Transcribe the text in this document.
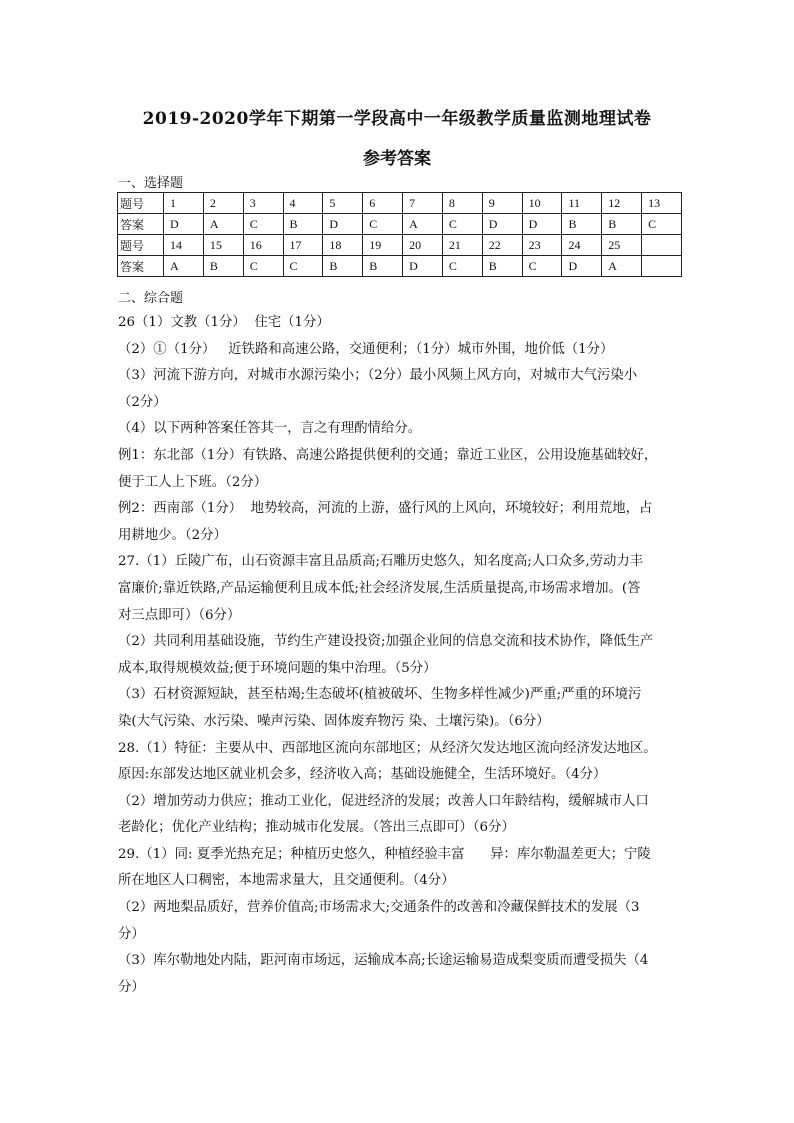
2019-2020学年下期第一学段高中一年级教学质量监测地理试卷
参考答案
一、选择题
题号	1	2	3	4	5	6	7	8	9	10	11	12	13
答案	D	A	C	B	D	C	A	C	D	D	B	B	C
题号	14	15	16	17	18	19	20	21	22	23	24	25	
答案	A	B	C	C	B	B	D	C	B	C	D	A	
二、综合题

26（1）文教（1分）  住宅（1分）

（2）①（1分）   近铁路和高速公路，交通便利；（1分）城市外围，地价低（1分）

（3）河流下游方向，对城市水源污染小；（2分）最小风频上风方向，对城市大气污染小

（2分）

（4）以下两种答案任答其一，言之有理酌情给分。

例1：东北部（1分）有铁路、高速公路提供便利的交通；靠近工业区，公用设施基础较好，

便于工人上下班。（2分）

例2：西南部（1分）  地势较高，河流的上游，盛行风的上风向，环境较好；利用荒地，占

用耕地少。（2分）

27.（1）丘陵广布，山石资源丰富且品质高;石雕历史悠久，知名度高;人口众多,劳动力丰

富廉价;靠近铁路,产品运输便利且成本低;社会经济发展,生活质量提高,市场需求增加。(答

对三点即可）（6分）

（2）共同利用基础设施，节约生产建设投资;加强企业间的信息交流和技术协作，降低生产

成本,取得规模效益;便于环境问题的集中治理。（5分）

（3）石材资源短缺，甚至枯竭;生态破坏(植被破坏、生物多样性减少)严重;严重的环境污

染(大气污染、水污染、噪声污染、固体废弃物污 染、土壤污染)。（6分）

28.（1）特征：主要从中、西部地区流向东部地区；从经济欠发达地区流向经济发达地区。

原因:东部发达地区就业机会多，经济收入高；基础设施健全，生活环境好。（4分）

（2）增加劳动力供应；推动工业化，促进经济的发展；改善人口年龄结构，缓解城市人口

老龄化；优化产业结构；推动城市化发展。（答出三点即可）（6分）

29.（1）同: 夏季光热充足；种植历史悠久，种植经验丰富      异：库尔勒温差更大；宁陵

所在地区人口稠密，本地需求量大，且交通便利。（4分）

（2）两地梨品质好，营养价值高;市场需求大;交通条件的改善和冷藏保鲜技术的发展（3

分）

（3）库尔勒地处内陆，距河南市场远，运输成本高;长途运输易造成梨变质而遭受损失（4

分）
